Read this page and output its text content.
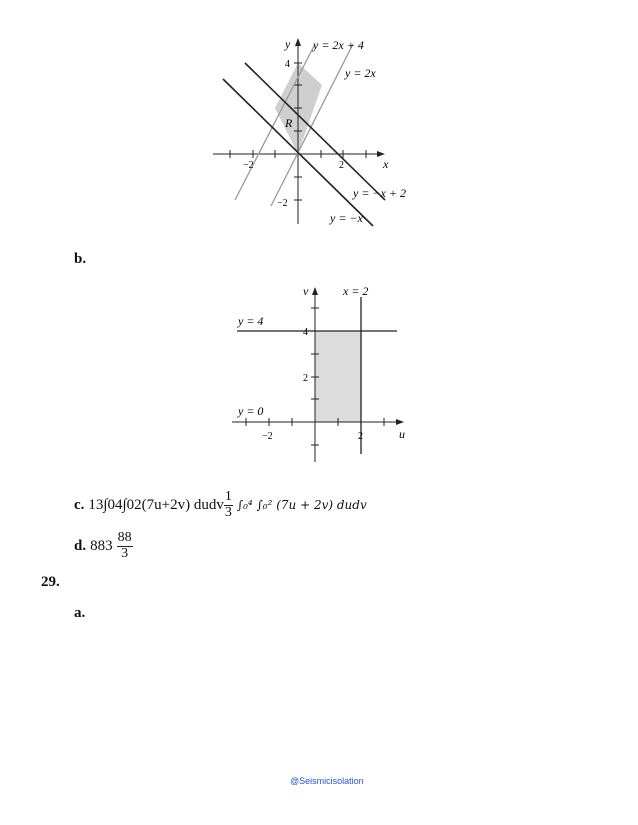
y
x
R
y = 2x + 4
y = 2x
y = −x + 2
y = −x
4
−2	2
−2
b.
v
u
x = 2
y = 4
y = 0
4
2
−2	2
c. 13∫04∫02(7u+2v) dudv $\frac{1}{3} \int_0^4$ ∫₀² (7u + 2v) dudv
d. $883 \frac{88}{3}$
29.
a.
@Seismicisolation
